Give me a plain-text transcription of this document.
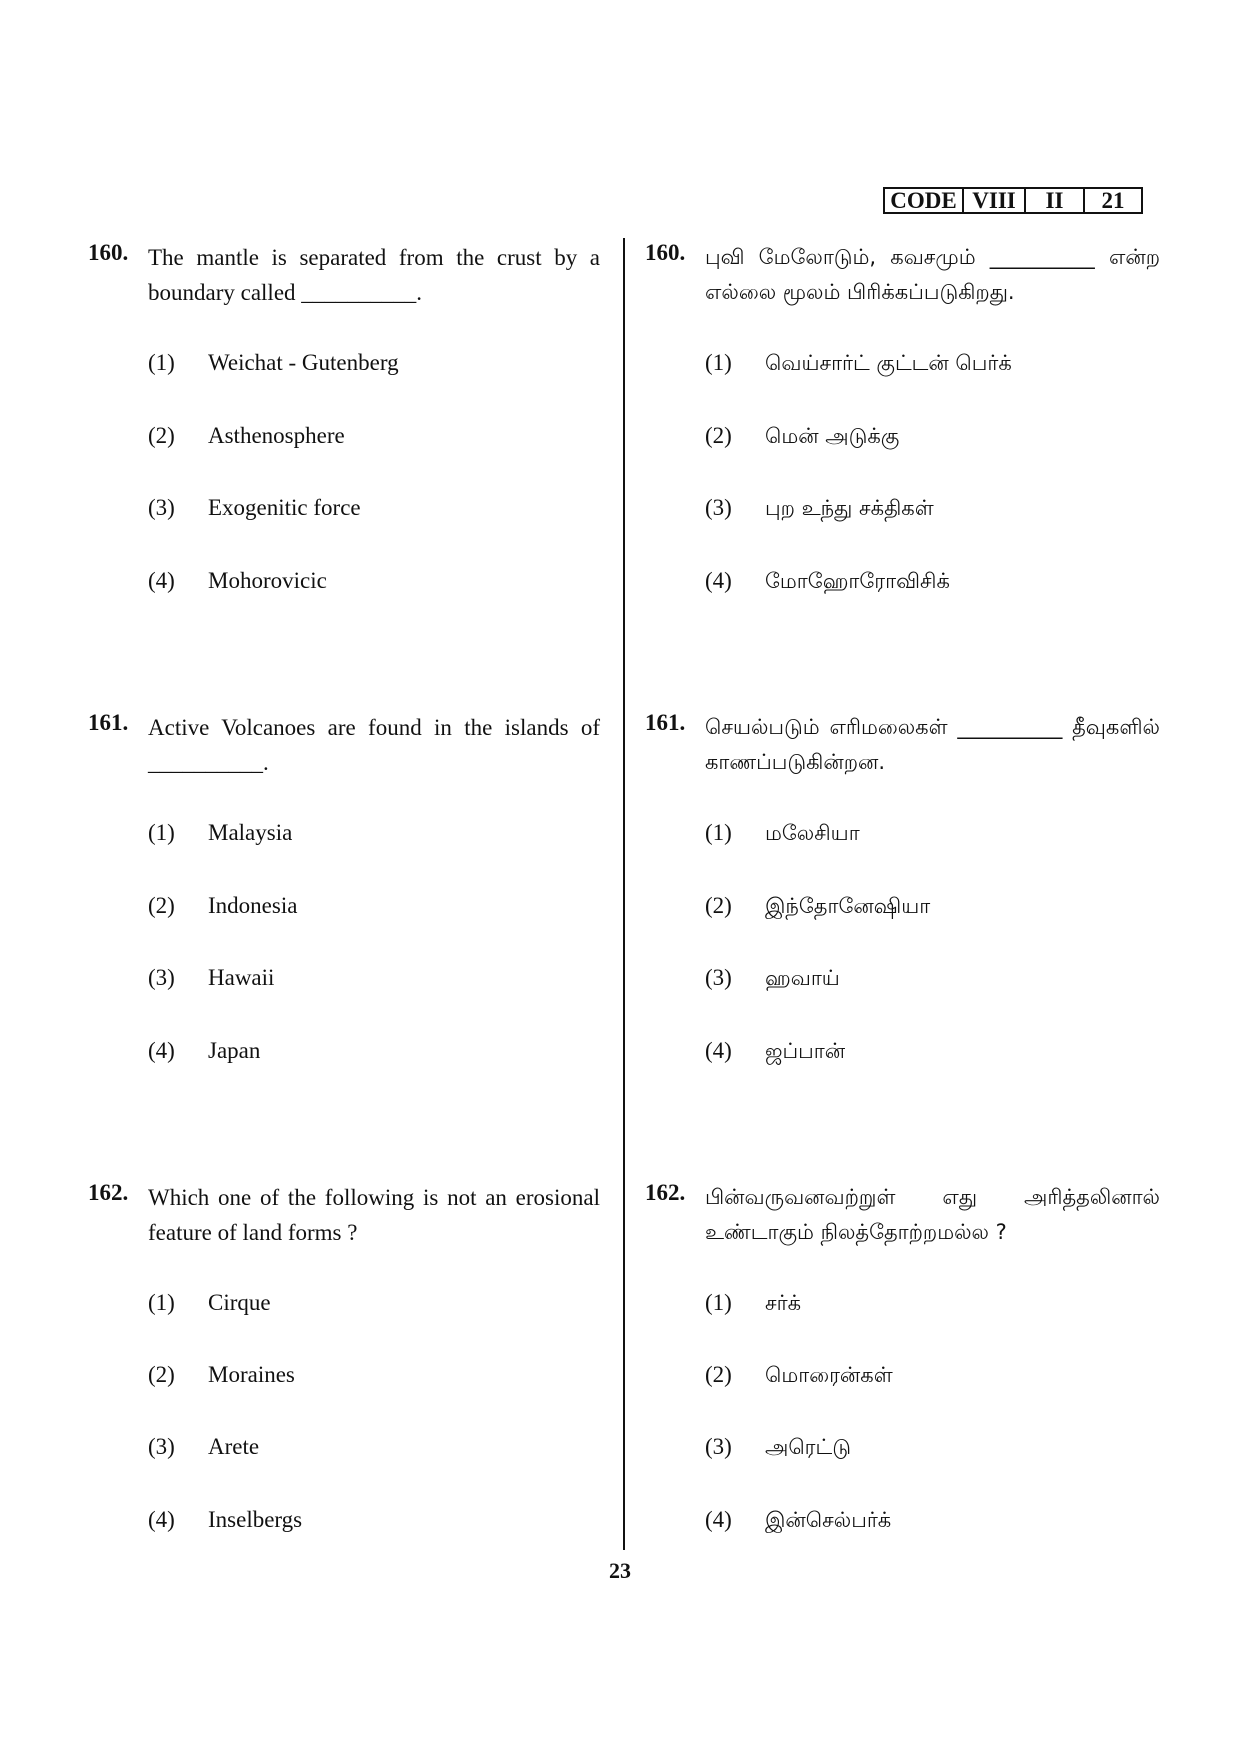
CODE VIII	II	21
160. The mantle is separated from the crust by a boundary called __________.
(1) Weichat - Gutenberg
(2) Asthenosphere
(3) Exogenitic force
(4) Mohorovicic
161. Active Volcanoes are found in the islands of __________.
(1) Malaysia
(2) Indonesia
(3) Hawaii
(4) Japan
162. Which one of the following is not an erosional feature of land forms ?
(1) Cirque
(2) Moraines
(3) Arete
(4) Inselbergs
160. புவி மேலோடும், கவசமும் __________ என்ற எல்லை மூலம் பிரிக்கப்படுகிறது.
(1) வெய்சார்ட் குட்டன் பெர்க்
(2) மென் அடுக்கு
(3) புற உந்து சக்திகள்
(4) மோஹோரோவிசிக்
161. செயல்படும் எரிமலைகள் __________ தீவுகளில் காணப்படுகின்றன.
(1) மலேசியா
(2) இந்தோனேஷியா
(3) ஹவாய்
(4) ஜப்பான்
162. பின்வருவனவற்றுள் எது அரித்தலினால் உண்டாகும் நிலத்தோற்றமல்ல ?
(1) சர்க்
(2) மொரைன்கள்
(3) அரெட்டு
(4) இன்செல்பர்க்
23
